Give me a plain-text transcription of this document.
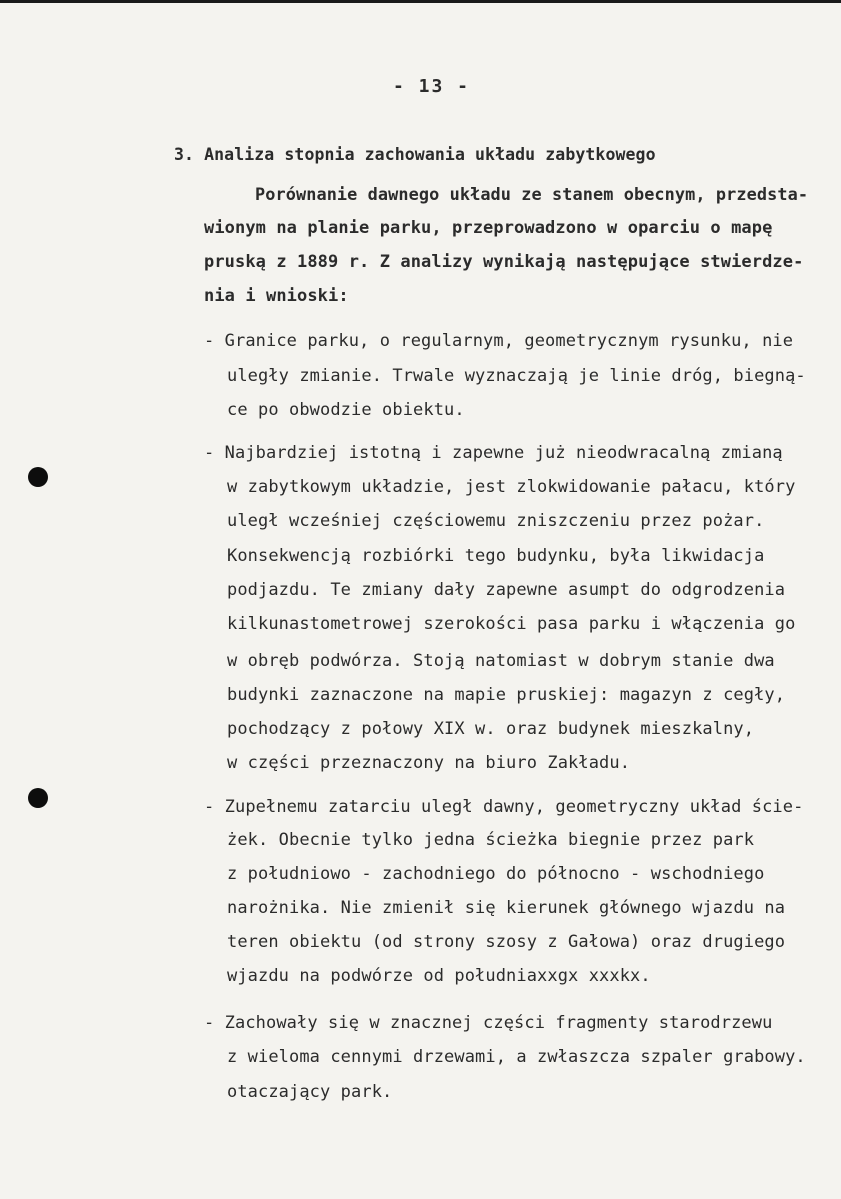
- 13 -
3. Analiza stopnia zachowania układu zabytkowego
Porównanie dawnego układu ze stanem obecnym, przedsta-
wionym na planie parku, przeprowadzono w oparciu o mapę
pruską z 1889 r. Z analizy wynikają następujące stwierdze-
nia i wnioski:
- Granice parku, o regularnym, geometrycznym rysunku, nie
uległy zmianie. Trwale wyznaczają je linie dróg, biegną-
ce po obwodzie obiektu.
- Najbardziej istotną i zapewne już nieodwracalną zmianą
w zabytkowym układzie, jest zlokwidowanie pałacu, który
uległ wcześniej częściowemu zniszczeniu przez pożar.
Konsekwencją rozbiórki tego budynku, była likwidacja
podjazdu. Te zmiany dały zapewne asumpt do odgrodzenia
kilkunastometrowej szerokości pasa parku i włączenia go
w obręb podwórza. Stoją natomiast w dobrym stanie dwa
budynki zaznaczone na mapie pruskiej: magazyn z cegły,
pochodzący z połowy XIX w. oraz budynek mieszkalny,
w części przeznaczony na biuro Zakładu.
- Zupełnemu zatarciu uległ dawny, geometryczny układ ście-
żek. Obecnie tylko jedna ścieżka biegnie przez park
z południowo - zachodniego do północno - wschodniego
narożnika. Nie zmienił się kierunek głównego wjazdu na
teren obiektu (od strony szosy z Gałowa) oraz drugiego
wjazdu na podwórze od południaxxgx xxxkx.
- Zachowały się w znacznej części fragmenty starodrzewu
z wieloma cennymi drzewami, a zwłaszcza szpaler grabowy.
otaczający park.
